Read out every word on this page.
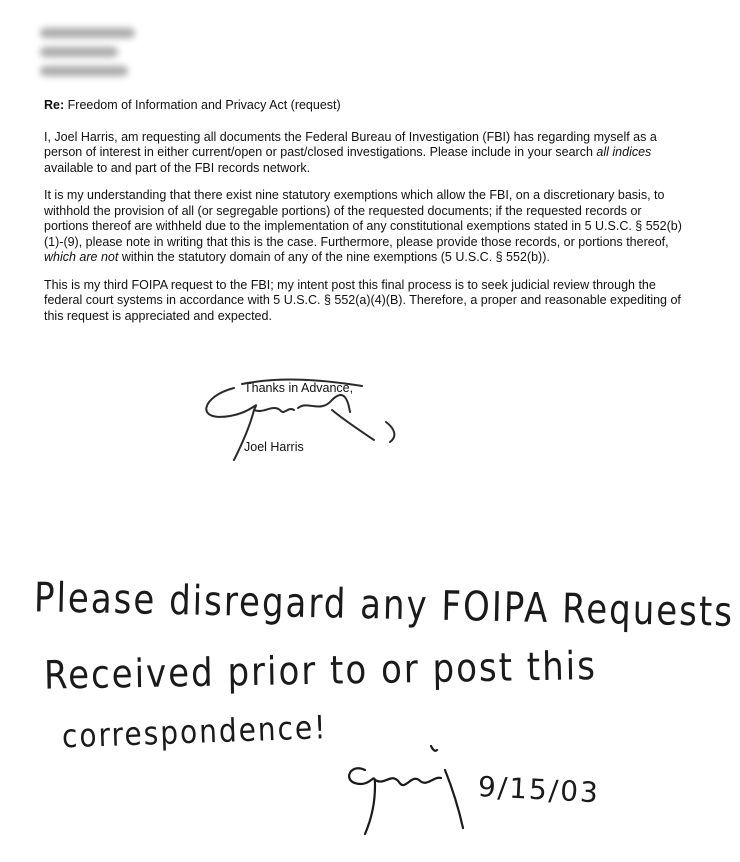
Re: Freedom of Information and Privacy Act (request)

I, Joel Harris, am requesting all documents the Federal Bureau of Investigation (FBI) has regarding myself as a person of interest in either current/open or past/closed investigations. Please include in your search all indices available to and part of the FBI records network.

It is my understanding that there exist nine statutory exemptions which allow the FBI, on a discretionary basis, to withhold the provision of all (or segregable portions) of the requested documents; if the requested records or portions thereof are withheld due to the implementation of any constitutional exemptions stated in 5 U.S.C. § 552(b)(1)-(9), please note in writing that this is the case. Furthermore, please provide those records, or portions thereof, which are not within the statutory domain of any of the nine exemptions (5 U.S.C. § 552(b)).

This is my third FOIPA request to the FBI; my intent post this final process is to seek judicial review through the federal court systems in accordance with 5 U.S.C. § 552(a)(4)(B). Therefore, a proper and reasonable expediting of this request is appreciated and expected.

Thanks in Advance,
Joel Harris
Please disregard any FOIPA Requests
Received prior to or post this
correspondence!
9/15/03
